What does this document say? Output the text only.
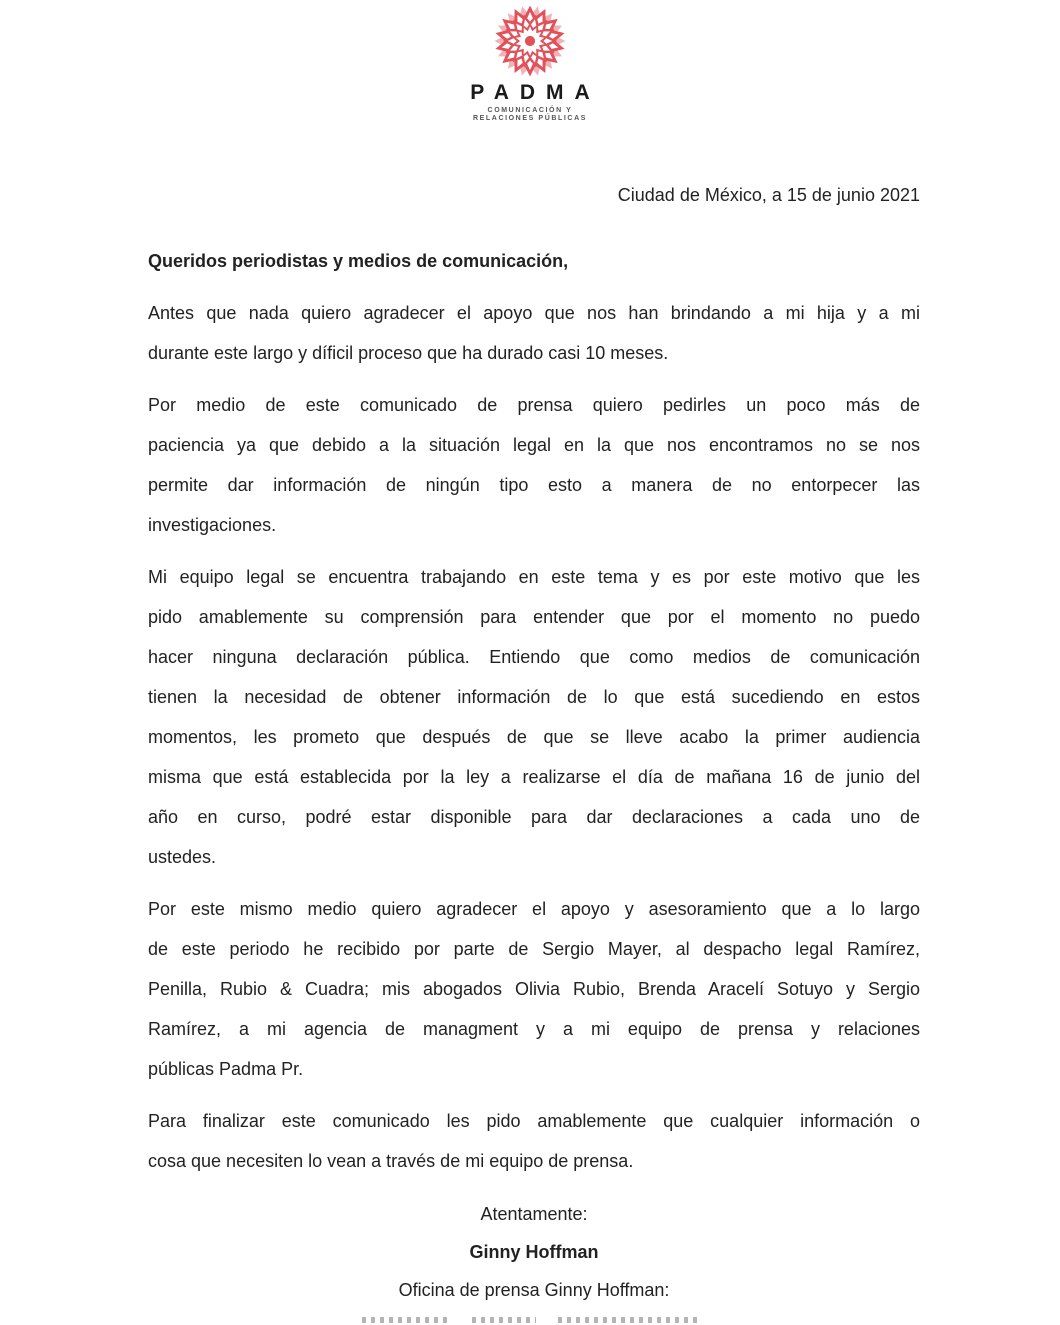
PADMA
COMUNICACIÓN Y
RELACIONES PÚBLICAS
Ciudad de México, a 15 de junio 2021
Queridos periodistas y medios de comunicación,
Antes que nada quiero agradecer el apoyo que nos han brindando a mi hija y a mi
durante este largo y díficil proceso que ha durado casi 10 meses.
Por medio de este comunicado de prensa quiero pedirles un poco más de
paciencia ya que debido a la situación legal en la que nos encontramos no se nos
permite dar información de ningún tipo esto a manera de no entorpecer las
investigaciones.
Mi equipo legal se encuentra trabajando en este tema y es por este motivo que les
pido amablemente su comprensión para entender que por el momento no puedo
hacer ninguna declaración pública. Entiendo que como medios de comunicación
tienen la necesidad de obtener información de lo que está sucediendo en estos
momentos, les prometo que después de que se lleve acabo la primer audiencia
misma que está establecida por la ley a realizarse el día de mañana 16 de junio del
año en curso, podré estar disponible para dar declaraciones a cada uno de
ustedes.
Por este mismo medio quiero agradecer el apoyo y asesoramiento que a lo largo
de este periodo he recibido por parte de Sergio Mayer, al despacho legal Ramírez,
Penilla, Rubio & Cuadra; mis abogados Olivia Rubio, Brenda Aracelí Sotuyo y Sergio
Ramírez, a mi agencia de managment y a mi equipo de prensa y relaciones
públicas Padma Pr.
Para finalizar este comunicado les pido amablemente que cualquier información o
cosa que necesiten lo vean a través de mi equipo de prensa.
Atentamente:
Ginny Hoffman
Oficina de prensa Ginny Hoffman:
